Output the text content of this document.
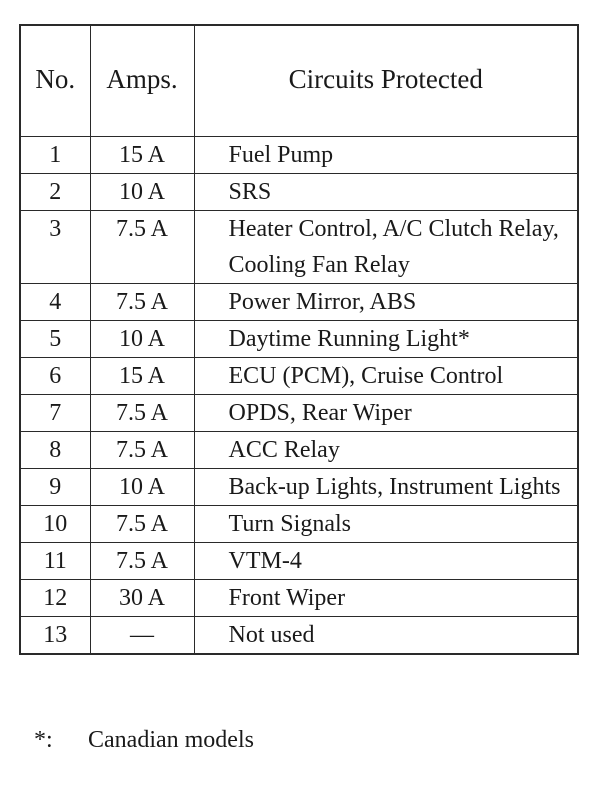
No.	Amps.	Circuits Protected
1	15 A	Fuel Pump
2	10 A	SRS
3	7.5 A	Heater Control, A/C Clutch Relay, Cooling Fan Relay
4	7.5 A	Power Mirror, ABS
5	10 A	Daytime Running Light*
6	15 A	ECU (PCM), Cruise Control
7	7.5 A	OPDS, Rear Wiper
8	7.5 A	ACC Relay
9	10 A	Back-up Lights, Instrument Lights
10	7.5 A	Turn Signals
11	7.5 A	VTM-4
12	30 A	Front Wiper
13	—	Not used
*: Canadian models
